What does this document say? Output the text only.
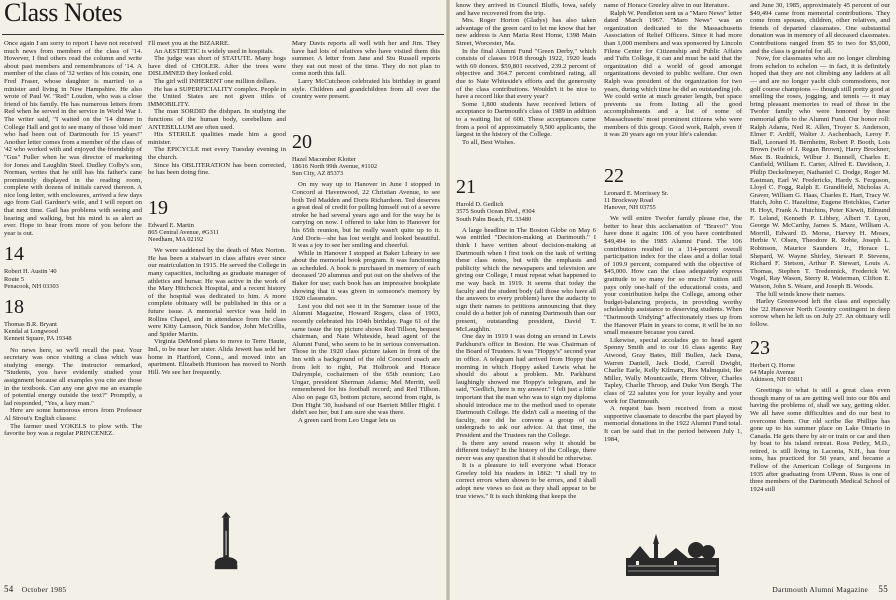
Class Notes

Once again I am sorry to report I have not received much news from members of the class of '14. However, I find others read the column and write about past members and remembrances of '14. A member of the class of '32 writes of his cousin, one Fred Fraser, whose daughter is married to a minister and living in New Hampshire. He also wrote of Paul W. "Red" Loudon, who was a close friend of his family. He has numerous letters from Red when he served in the service in World War I. The writer said, "I waited on the '14 dinner in College Hall and got to see many of those 'old men' who had been out of Dartmouth for 15 years!" Another letter comes from a member of the class of '42 who worked with and enjoyed the friendship of "Gus" Fuller when he was director of marketing for Jones and Laughlin Steel. Dudley Colby's son, Norman, writes that he still has his father's cane prominently displayed in the reading room, complete with dozens of initials carved thereon. A nice long letter, with enclosures, arrived a few days ago from Gail Gardner's wife, and I will report on that next time. Gail has problems with seeing and hearing and walking, but his mind is as alert as ever. Hope to hear from more of you before the year is out.

14
Robert H. Austin '40
Route 5
Penacook, NH 03303
18
Thomas B.R. Bryant
Kendal at Longwood
Kennett Square, PA 19348

No news here, so we'll recall the past. Your secretary was once visiting a class which was studying energy. The instructor remarked, "Students, you have evidently studied your assignment because all examples you cite are those in the textbook. Can any one give me an example of potential energy outside the text?" Promptly, a lad responded, "Yes, a lazy man."

Here are some humorous errors from Professor Al Strout's English classes:

The farmer used YOKELS to plow with. The favorite boy was a regular PRINCENEZ.

I'll meet you at the BIZARRE.

An AESTHETIC is widely used in hospitals.

The judge was short of STATUTE. Many hogs have died of CHOLER. After the trees were DISLIMNED they looked cold.

The girl will INHERENT one million dollars.

He has a SUPERFICIALITY complex. People in the United States are not given titles of IMMOBILITY.

The man SORDID the dishpan. In studying the functions of the human body, cerebellum and ANTEBELLUM are often used.

His STERILE qualities made him a good minister.

The EPICYCLE met every Tuesday evening in the church.

Since his OBLITERATION has been corrected, he has been doing fine.

19
Edward E. Martin
865 Central Avenue, #G311
Needham, MA 02192

We were saddened by the death of Max Norton. He has been a stalwart in class affairs ever since our matriculation in 1915. He served the College in many capacities, including as graduate manager of athletics and bursar. He was active in the work of the Mary Hitchcock Hospital, and a recent history of the hospital was dedicated to him. A more complete obituary will be published in this or a future issue. A memorial service was held in Rollins Chapel, and in attendance from the class were Kitty Lamson, Nick Sandoe, John McCrillis, and Spider Martin.

Virginia DeMond plans to move to Terre Haute, Ind., to be near her sister. Alida Jewett has sold her home in Hartford, Conn., and moved into an apartment. Elizabeth Huntoon has moved to North Hill. We see her frequently.

Mary Davis reports all well with her and Jim. They have had lots of relatives who have visited them this summer. A letter from Jane and Stu Russell reports they eat out most of the time. They do not plan to come north this fall.

Larry McCutcheon celebrated his birthday in grand style. Children and grandchildren from all over the country were present.

20
Hazel Macomber Klotter
18616 North 99th Avenue, #1102
Sun City, AZ 85373

On my way up to Hanover in June I stopped in Concord at Havenwood, 22 Christian Avenue, to see both Ted Madden and Doris Richardson. Ted deserves a great deal of credit for pulling himself out of a severe stroke he had several years ago and for the way he is carrying on now. I offered to take him to Hanover for his 65th reunion, but he really wasn't quite up to it. And Doris—she has lost weight and looked beautiful. It was a joy to see her smiling and cheerful.

While in Hanover I stopped at Baker Library to see about the memorial book program. It was functioning as scheduled. A book is purchased in memory of each deceased '20 alumnus and put out on the shelves of the Baker for use; each book has an impressive bookplate showing that it was given in someone's memory by 1920 classmates.

Lest you did not see it in the Summer issue of the Alumni Magazine, Howard Rogers, class of 1903, recently celebrated his 104th birthday. Page 61 of the same issue the top picture shows Red Tillson, bequest chairman, and Nate Whiteside, head agent of the Alumni Fund, who seem to be in serious conversation. Those in the 1920 class picture taken in front of the Inn with a background of the old Concord coach are from left to right, Pat Holbrook and Horace Dalrymple, cochairmen of the 65th reunion; Leo Ungar, president Sherman Adams; Mel Merritt, well remembered for his football record; and Red Tillson. Also on page 63, bottom picture, second from right, is Don Hight '30, husband of our Harriett Miller Hight. I didn't see her, but I am sure she was there.

A green card from Leo Ungar lets us

54 October 1985

know they arrived in Council Bluffs, Iowa, safely and have recovered from the trip.

Mrs. Roger Horton (Gladys) has also taken advantage of the green card to let me know that her new address is Ann Maria Rest Home, 1398 Main Street, Worcester, Ma.

In the final Alumni Fund "Green Derby," which consists of classes 1918 through 1922, 1920 leads with 69 donors. $59,801 received, 239.2 percent of objective and 364.7 percent combined rating, all due to Nate Whiteside's efforts and the generosity of the class contributions. Wouldn't it be nice to have a record like that every year?

Some 1,800 students have received letters of acceptance to Dartmouth's class of 1989 in addition to a waiting list of 600. These acceptances came from a pool of approximately 9,500 applicants, the largest in the history of the College.

To all, Best Wishes.

21
Harold D. Gedlich
3575 South Ocean Blvd., #304
South Palm Beach, FL 33480

A large headline in The Boston Globe on May 6 was entitled "Decision-making at Dartmouth." I think I have written about decision-making at Dartmouth when I first took on the task of writing these class notes, but with the emphasis and publicity which the newspapers and television are giving our College, I must repeat what happened to me way back in 1919. It seems that today the faculty and the student body (all those who have all the answers to every problem) have the audacity to sign their names to petitions announcing that they could do a better job of running Dartmouth than our present, outstanding president, David T. McLaughlin.

One day in 1919 I was doing an errand in Lewis Parkhurst's office in Boston. He was Chairman of the Board of Trustees. It was "Hoppy's" second year in office. A telegram had arrived from Hoppy that morning in which Hoppy asked Lewis what he should do about a problem. Mr. Parkhurst laughingly showed me Hoppy's telegram, and he said, "Gedlich, here is my answer." I felt just a little important that the man who was to sign my diploma should introduce me to the method used to operate Dartmouth College. He didn't call a meeting of the faculty, nor did he convene a group of us undergrads to ask our advice. At that time, the President and the Trustees ran the College.

Is there any sound reason why it should be different today? In the history of the College, there never was any question that it should be otherwise.

It is a pleasure to tell everyone what Horace Greeley told his readers in 1862: "I shall try to correct errors when shown to be errors, and I shall adopt new views so fast as they shall appear to be true views." It is such thinking that keeps the

name of Horace Greeley alive in our literature.

Ralph W. Pendleton sent us a "Maro News" letter dated March 1967. "Maro News" was an organization dedicated to the Massachusetts Association of Relief Officers. Since it had more than 1,000 members and was sponsored by Lincoln Filene Center for Citizenship and Public Affairs and Tufts College, it can and must be said that the organization did a world of good amongst organizations devoted to public welfare. Our own Ralph was president of the organization for two years, during which time he did an outstanding job. We could write at much greater length, but space prevents us from listing all the good accomplishments and a list of some of Massachusetts' most prominent citizens who were members of this group. Good work, Ralph, even if it was 20 years ago on your life's calendar.

22
Leonard E. Morrissey Sr.
11 Brockway Road
Hanover, NH 03755

We will entire Twofer family please rise, the better to hear this acclamation of "Bravo!" You have done it again: 106 of you have contributed $49,494 to the 1985 Alumni Fund. The 106 contributors resulted in a 114-percent overall participation index for the class and a dollar total of 109.9 percent, compared with the objective of $45,000. How can the class adequately express gratitude to so many for so much? Tuition still pays only one-half of the educational costs, and your contribution helps the College, among other budget-balancing projects, in providing worthy scholarship assistance to deserving students. When "Dartmouth Undying" affectionately rises up from the Hanover Plain in years to come, it will be in no small measure because you cared.

Likewise, special accolades go to head agent Spenny Smith and to our 16 class agents: Ray Atwood, Gray Bates, Bill Bullen, Jack Dana, Warren Daniell, Jack Dodd, Carroll Dwight, Charlie Earle, Kelly Kilmarx, Rex Malmquist, Ike Miller, Wally Mountcastle, Herm Oliver, Charles Tapley, Charlie Throop, and Duke Von Bergh. The class of '22 salutes you for your loyalty and your work for Dartmouth.

A request has been received from a most supportive classmate to describe the part played by memorial donations in the 1922 Alumni Fund total. It can be said that in the period between July 1, 1984,

and June 30, 1985, approximately 45 percent of our $49,494 came from memorial contributions. They come from spouses, children, other relatives, and friends of departed classmates. One substantial donation was in memory of all deceased classmates. Contributions ranged from $5 to two for $5,000, and the class is grateful for all.

Now, for classmates who are no longer climbing from echelon to echelon — in fact, it is definitely hoped that they are not climbing any ladders at all — and are no longer yacht club commodores, nor golf course champions — though still pretty good at smelling the roses, jogging, and tennis — it may bring pleasant memories to read of those in the Twofer family who were honored by these memorial gifts to the Alumni Fund. Our honor roll: Ralph Adams, Ned R. Allen, Troyer S. Anderson, Elmer F. Ardiff, Walter J. Aschenbach, Leroy F. Ball, Leonard H. Bernheim, Robert P. Booth, Lois Brown (wife of J. Regan Brown), Harry Brockner, Max B. Rudnick, Wilbur J. Bunnell, Charles E. Canfield, William E. Carter, Alfred E. Davidson, J. Philip Deckelmeyer, Nathaniel C. Dodge, Roger M. Eastman, Earl W. Fredericks, Hardy S. Ferguson, Lloyd C. Fogg, Ralph E. Grandfield, Nicholas A. Graver, William G. Haas, Charles E. Hart, Tracy W. Hatch, John C. Hazeltine, Eugene Hotchkiss, Carter H. Hoyt, Frank A. Hutchins, Peter Kiewit, Edmund F. Leland, Kenneth P. Libbey, Albert T. Lyon, George W. McCarthy, James S. Maze, William A. Morrill, Edward D. Morse, Harvey H. Moses, Herbie V. Olsen, Theodore R. Robie, Joseph L. Robinson, Maurice Saunders Jr., Horace L. Shepard, W. Wayne Shirley, Stewart P. Stevens, Richard F. Stetson, Arthur P. Stewart, Louis A. Thomas, Stephen T. Tredennick, Frederick W. Vogel, Ray Wason, Sterry R. Waterman, Clifton E. Watson, John S. Weare, and Joseph B. Woods.

The hill winds know their names.

Harley Greenwood left the class and especially the '22 Hanover North Country contingent in deep sorrow when he left us on July 27. An obituary will follow.

23
Herbert Q. Horne
64 Maple Avenue
Atkinson, NH 03811

Greetings to what is still a great class even though many of us are getting well into our 80s and having the problems of, shall we say, getting older. We all have some difficulties and do our best to overcome them. Our old scribe Ike Phillips has gone up to his summer place on Lake Ontario in Canada. He gets there by air or train or car and then by boat to his island retreat. Ross Petley, M.D., retired, is still living in Laconia, N.H., has four sons, has practiced for 50 years, and became a Fellow of the American College of Surgeons in 1935 after graduating from UPenn. Russ is one of three members of the Dartmouth Medical School of 1924 still

Dartmouth Alumni Magazine 55
